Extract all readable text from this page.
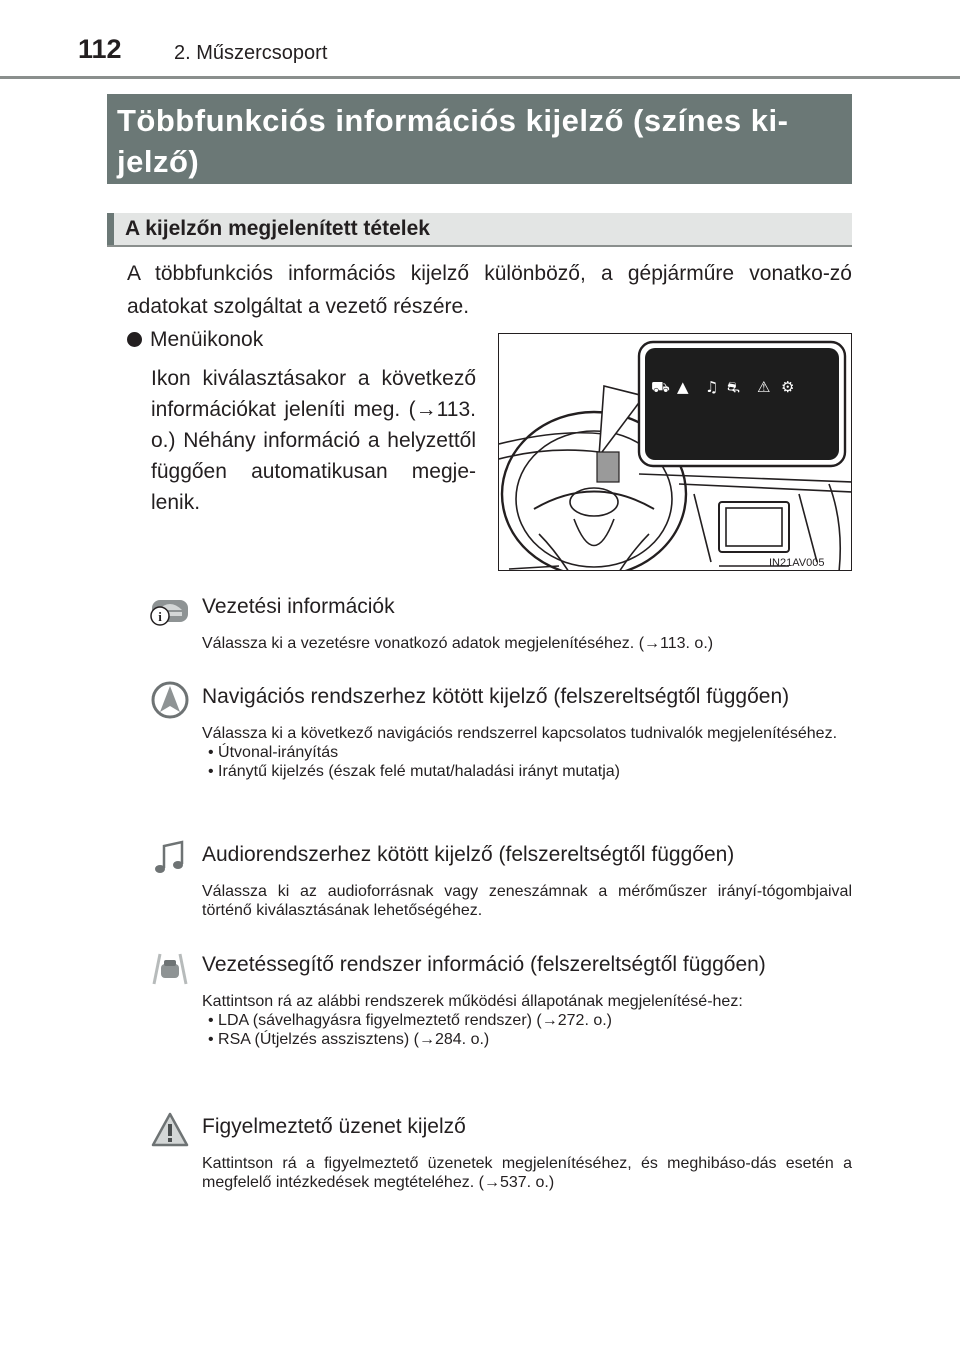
112	2. Műszercsoport
Többfunkciós információs kijelző (színes ki-jelző)
A kijelzőn megjelenített tételek
A többfunkciós információs kijelző különböző, a gépjárműre vonatko-zó adatokat szolgáltat a vezető részére.
Menüikonok
Ikon kiválasztásakor a következő információkat jeleníti meg. (→113. o.) Néhány információ a helyzettől függően automatikusan megje-lenik.
⛟ ▲ ♫ ⛐ ⚠ ⚙
IN21AV005
i Vezetési információk
Válassza ki a vezetésre vonatkozó adatok megjelenítéséhez. (→113. o.)
Navigációs rendszerhez kötött kijelző (felszereltségtől függően)
Válassza ki a következő navigációs rendszerrel kapcsolatos tudnivalók megjelenítéséhez.
• Útvonal-irányítás
• Iránytű kijelzés (észak felé mutat/haladási irányt mutatja)
Audiorendszerhez kötött kijelző (felszereltségtől függően)
Válassza ki az audioforrásnak vagy zeneszámnak a mérőműszer irányí-tógombjaival történő kiválasztásának lehetőségéhez.
Vezetéssegítő rendszer információ (felszereltségtől függően)
Kattintson rá az alábbi rendszerek működési állapotának megjelenítésé-hez:
• LDA (sávelhagyásra figyelmeztető rendszer) (→272. o.)
• RSA (Útjelzés asszisztens) (→284. o.)
Figyelmeztető üzenet kijelző
Kattintson rá a figyelmeztető üzenetek megjelenítéséhez, és meghibáso-dás esetén a megfelelő intézkedések megtételéhez. (→537. o.)
